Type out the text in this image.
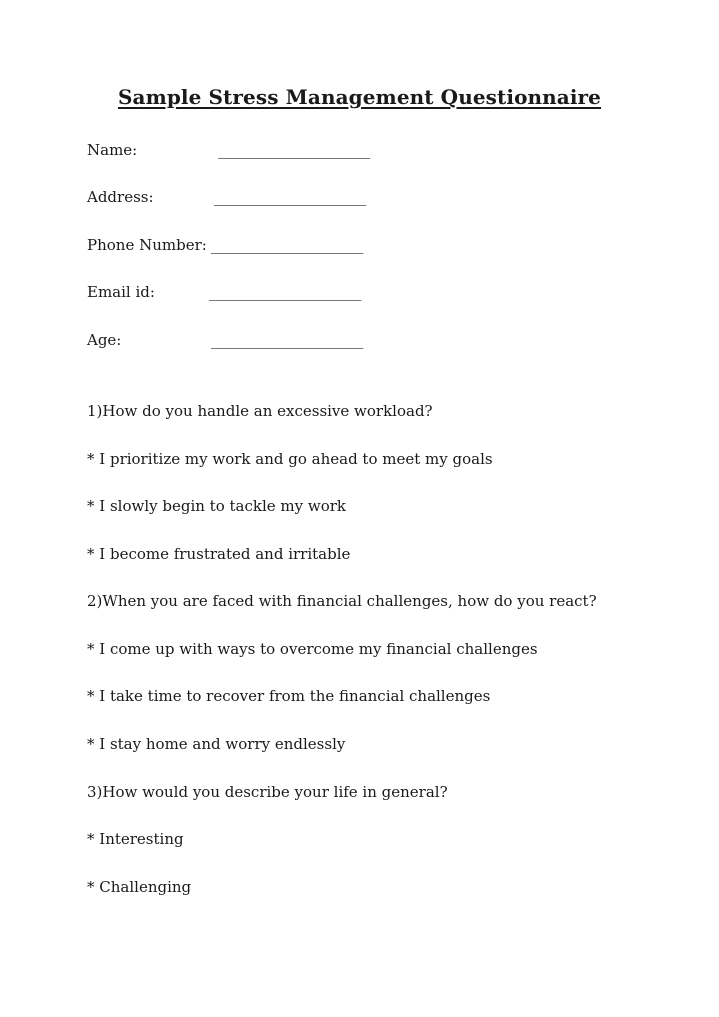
Sample Stress Management Questionnaire
Name:	______________________
Address:	______________________
Phone Number: ______________________
Email id:	______________________
Age:	______________________
1)How do you handle an excessive workload?
* I prioritize my work and go ahead to meet my goals
* I slowly begin to tackle my work
* I become frustrated and irritable
2)When you are faced with financial challenges, how do you react?
* I come up with ways to overcome my financial challenges
* I take time to recover from the financial challenges
* I stay home and worry endlessly
3)How would you describe your life in general?
* Interesting
* Challenging
